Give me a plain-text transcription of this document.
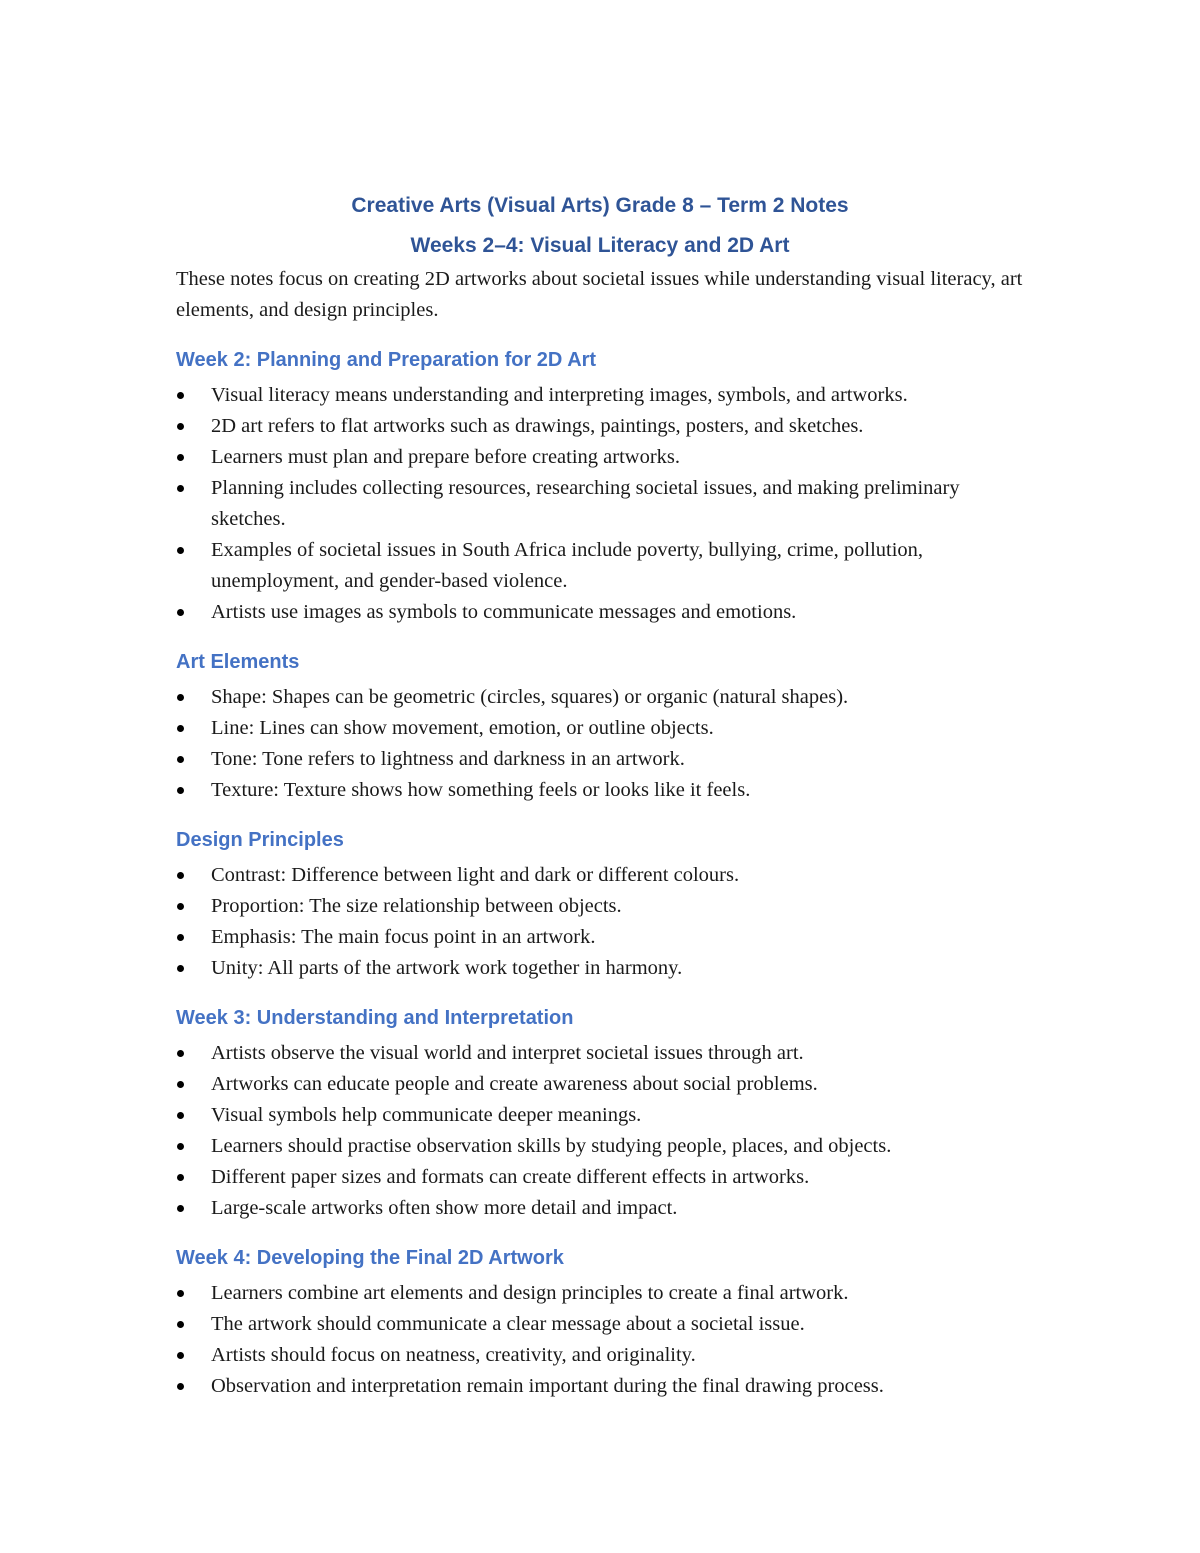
Creative Arts (Visual Arts) Grade 8 – Term 2 Notes
Weeks 2–4: Visual Literacy and 2D Art

These notes focus on creating 2D artworks about societal issues while understanding visual literacy, art elements, and design principles.

Week 2: Planning and Preparation for 2D Art
Visual literacy means understanding and interpreting images, symbols, and artworks.
2D art refers to flat artworks such as drawings, paintings, posters, and sketches.
Learners must plan and prepare before creating artworks.
Planning includes collecting resources, researching societal issues, and making preliminary sketches.
Examples of societal issues in South Africa include poverty, bullying, crime, pollution, unemployment, and gender-based violence.
Artists use images as symbols to communicate messages and emotions.
Art Elements
Shape: Shapes can be geometric (circles, squares) or organic (natural shapes).
Line: Lines can show movement, emotion, or outline objects.
Tone: Tone refers to lightness and darkness in an artwork.
Texture: Texture shows how something feels or looks like it feels.
Design Principles
Contrast: Difference between light and dark or different colours.
Proportion: The size relationship between objects.
Emphasis: The main focus point in an artwork.
Unity: All parts of the artwork work together in harmony.
Week 3: Understanding and Interpretation
Artists observe the visual world and interpret societal issues through art.
Artworks can educate people and create awareness about social problems.
Visual symbols help communicate deeper meanings.
Learners should practise observation skills by studying people, places, and objects.
Different paper sizes and formats can create different effects in artworks.
Large-scale artworks often show more detail and impact.
Week 4: Developing the Final 2D Artwork
Learners combine art elements and design principles to create a final artwork.
The artwork should communicate a clear message about a societal issue.
Artists should focus on neatness, creativity, and originality.
Observation and interpretation remain important during the final drawing process.
